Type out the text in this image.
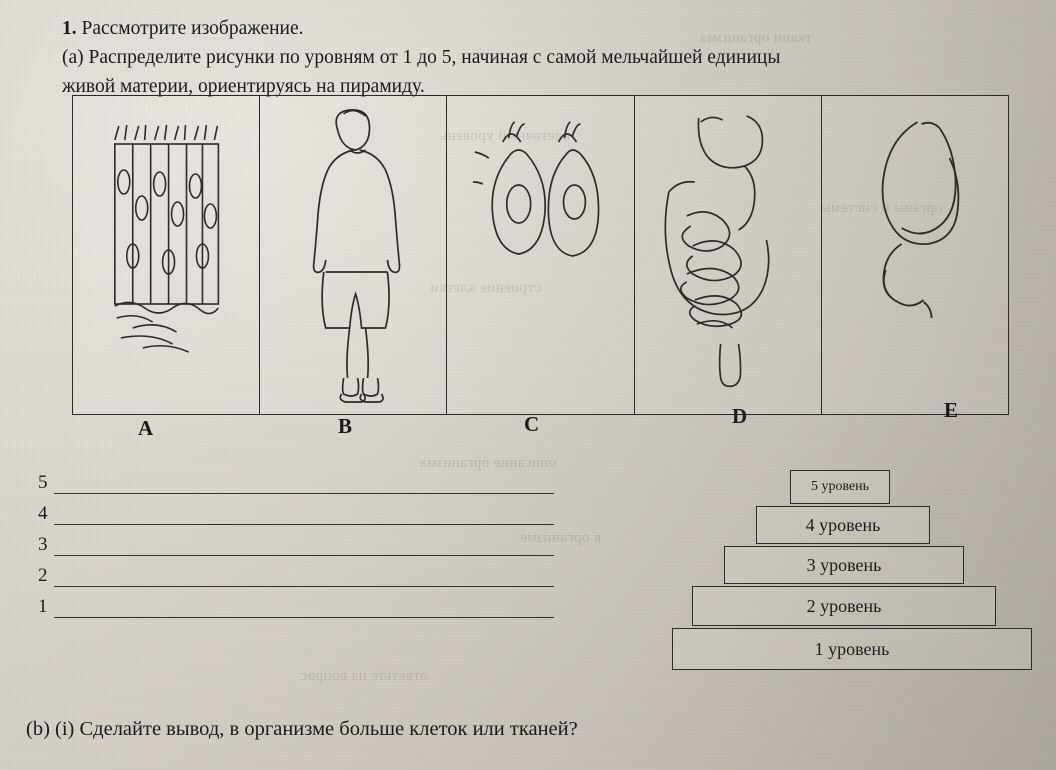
ткани организма
клеточный уровень
органы и системы
строение клетки
описание организма
в организме
ответьте на вопрос
1. Рассмотрите изображение.
(a) Распределите рисунки по уровням от 1 до 5, начиная с самой мельчайшей единицы
живой материи, ориентируясь на пирамиду.
A	B	C	D	E
5
4
3
2
1
5 уровень
4 уровень
3 уровень
2 уровень
1 уровень
(b) (i) Сделайте вывод, в организме больше клеток или тканей?
